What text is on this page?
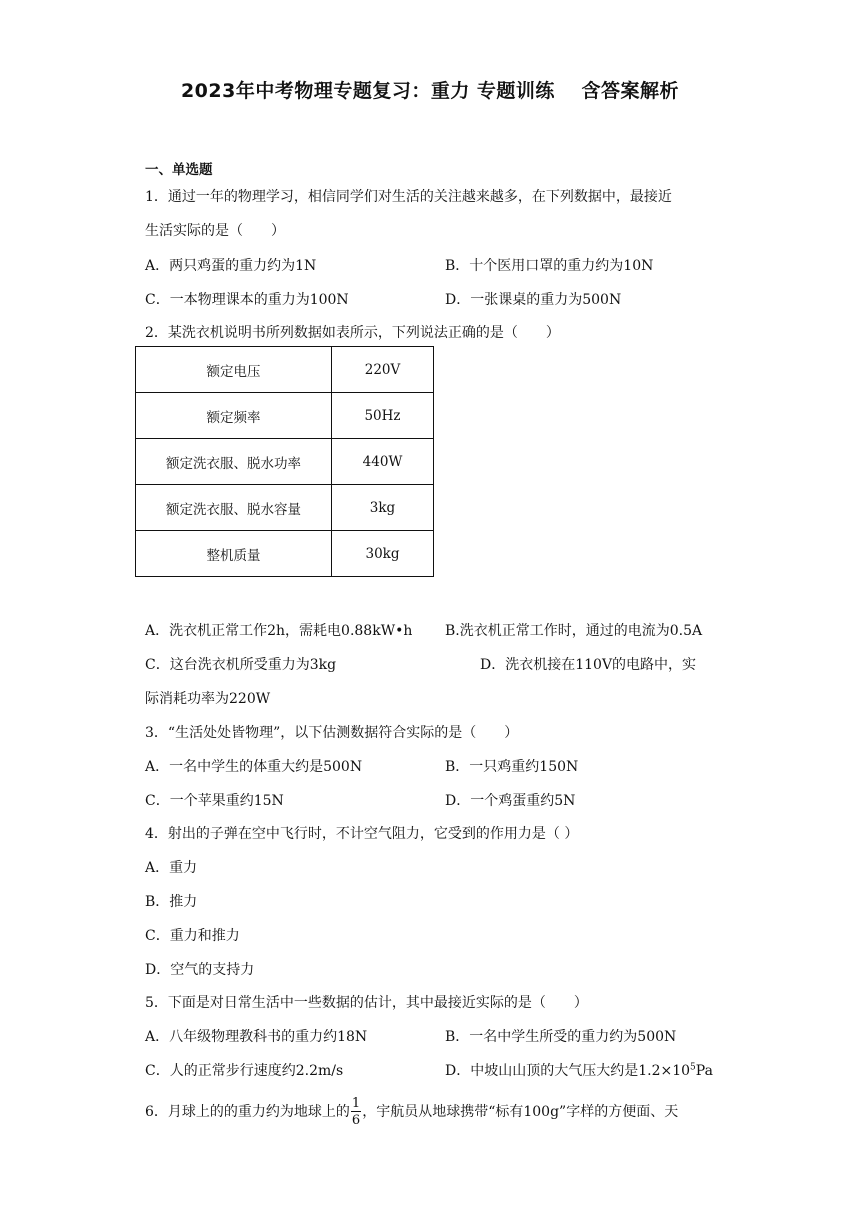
2023年中考物理专题复习：重力 专题训练　 含答案解析
一、单选题
1．通过一年的物理学习，相信同学们对生活的关注越来越多，在下列数据中，最接近
生活实际的是（　　）
A．两只鸡蛋的重力约为1N	B．十个医用口罩的重力约为10N
C．一本物理课本的重力为100N	D．一张课桌的重力为500N
2．某洗衣机说明书所列数据如表所示，下列说法正确的是（　　）
额定电压	220V
额定频率	50Hz
额定洗衣服、脱水功率	440W
额定洗衣服、脱水容量	3kg
整机质量	30kg
A．洗衣机正常工作2h，需耗电0.88kW•h B.洗衣机正常工作时，通过的电流为0.5A
C．这台洗衣机所受重力为3kg	D．洗衣机接在110V的电路中，实
际消耗功率为220W
3．“生活处处皆物理”，以下估测数据符合实际的是（　　）
A．一名中学生的体重大约是500N	B．一只鸡重约150N
C．一个苹果重约15N	D．一个鸡蛋重约5N
4．射出的子弹在空中飞行时，不计空气阻力，它受到的作用力是（ ）
A．重力
B．推力
C．重力和推力
D．空气的支持力
5．下面是对日常生活中一些数据的估计，其中最接近实际的是（　　）
A．八年级物理教科书的重力约18N	B．一名中学生所受的重力约为500N
C．人的正常步行速度约2.2m/s	D．中坡山山顶的大气压大约是$1.2\times 10^5Pa$
6．月球上的的重力约为地球上的 $\frac{1}{6}$ ，宇航员从地球携带“标有100g”字样的方便面、天
